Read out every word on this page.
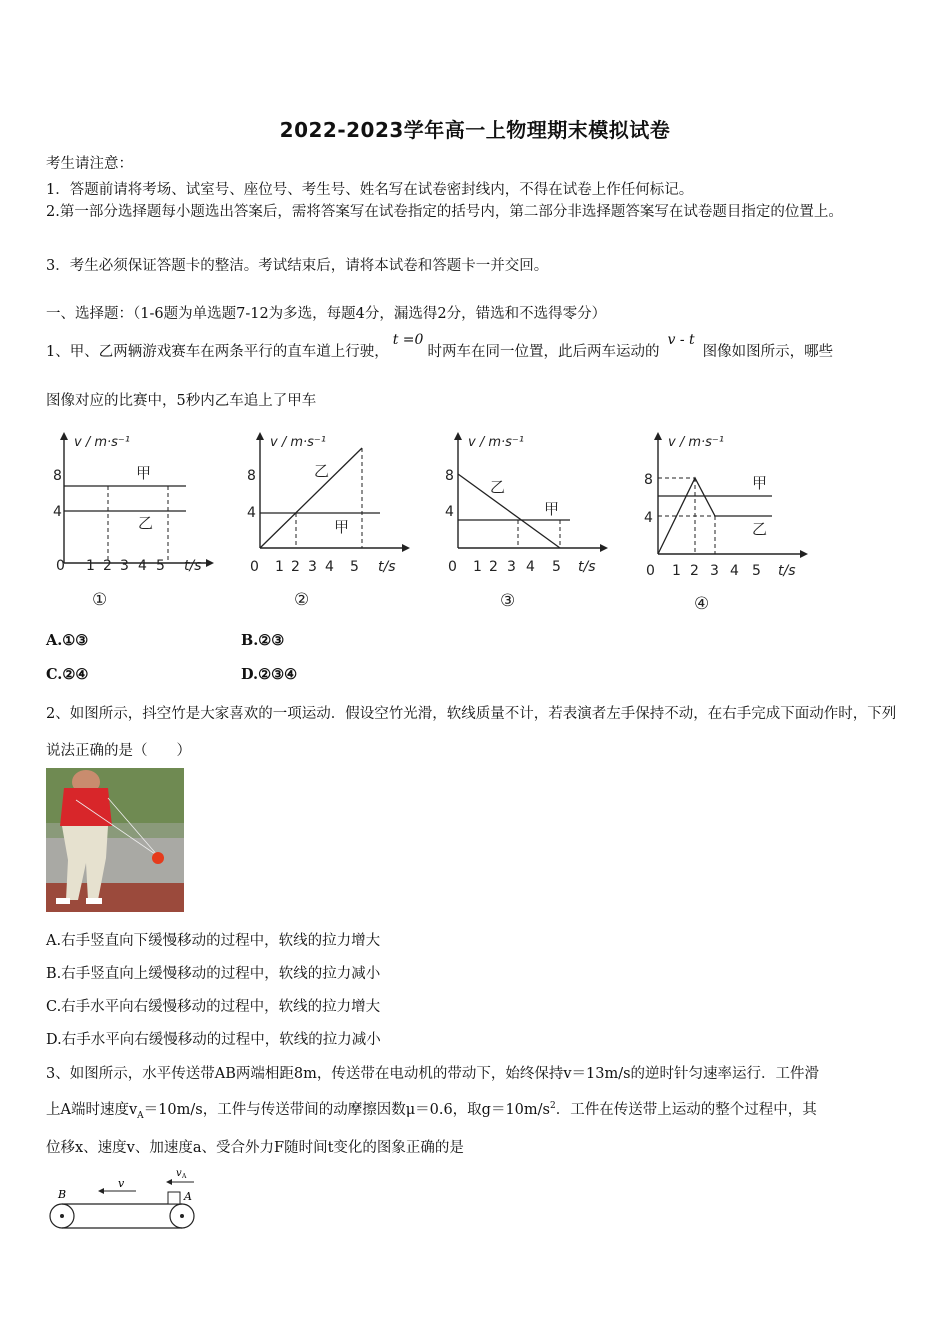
2022-2023学年高一上物理期末模拟试卷
考生请注意：
1．答题前请将考场、试室号、座位号、考生号、姓名写在试卷密封线内，不得在试卷上作任何标记。
2.第一部分选择题每小题选出答案后，需将答案写在试卷指定的括号内，第二部分非选择题答案写在试卷题目指定的位置上。
3．考生必须保证答题卡的整洁。考试结束后，请将本试卷和答题卡一并交回。
一、选择题：（1-6题为单选题7-12为多选，每题4分，漏选得2分，错选和不选得零分）
1、甲、乙两辆游戏赛车在两条平行的直车道上行驶，t =0时两车在同一位置，此后两车运动的v - t图像如图所示，哪些
图像对应的比赛中，5秒内乙车追上了甲车
v / m·s⁻¹
8
4
甲
乙
0 1 2 3 4 5 t/s
①
v / m·s⁻¹
8
4
乙
甲
0 1 2 3 4 5 t/s
②
v / m·s⁻¹
8
4
乙
甲
0 1 2 3 4 5 t/s
③
v / m·s⁻¹
8
4
甲
乙
0 1 2 3 4 5 t/s
④
A.①③	B.②③
C.②④	D.②③④
2、如图所示，抖空竹是大家喜欢的一项运动．假设空竹光滑，软线质量不计，若表演者左手保持不动，在右手完成下面动作时，下列说法正确的是（　　）
A.右手竖直向下缓慢移动的过程中，软线的拉力增大
B.右手竖直向上缓慢移动的过程中，软线的拉力减小
C.右手水平向右缓慢移动的过程中，软线的拉力增大
D.右手水平向右缓慢移动的过程中，软线的拉力减小
3、如图所示，水平传送带AB两端相距8m，传送带在电动机的带动下，始终保持v＝13m/s的逆时针匀速率运行．工件滑
上A端时速度$v_A=10m/s$，工件与传送带间的动摩擦因数μ＝0.6，取$g=10m/s^2$．工件在传送带上运动的整个过程中，其
位移x、速度v、加速度a、受合外力F随时间t变化的图象正确的是
B	A
v
v A
